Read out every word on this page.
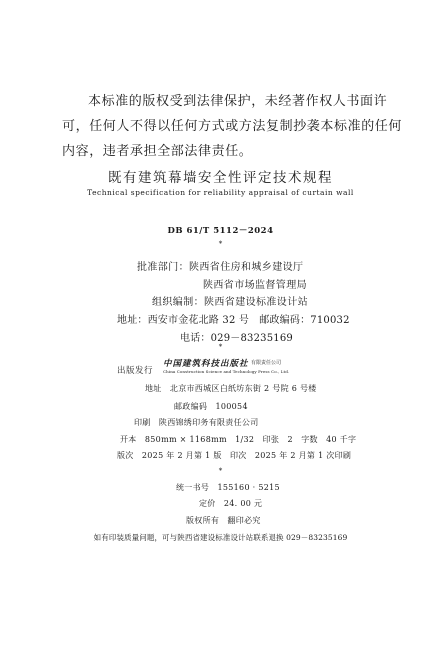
本标准的版权受到法律保护，未经著作权人书面许可，任何人不得以任何方式或方法复制抄袭本标准的任何内容，违者承担全部法律责任。
既有建筑幕墙安全性评定技术规程
Technical specification for reliability appraisal of curtain wall
DB 61/T 5112－2024
*
批准部门：陕西省住房和城乡建设厅
陕西省市场监督管理局
组织编制：陕西省建设标准设计站
地址：西安市金花北路 32 号　邮政编码：710032
电话：029－83235169
*
出版发行
中国建筑科技出版社 有限责任公司
China Construction Science and Technology Press Co., Ltd.
地址　北京市西城区白纸坊东街 2 号院 6 号楼
邮政编码　100054
印刷　陕西锦绣印务有限责任公司
开本　850mm × 1168mm　1/32　印张　2　字数　40 千字
版次　2025 年 2 月第 1 版　印次　2025 年 2 月第 1 次印刷
*
统一书号　155160 · 5215
定价　24. 00 元
版权所有　翻印必究
如有印装质量问题，可与陕西省建设标准设计站联系退换 029－83235169
